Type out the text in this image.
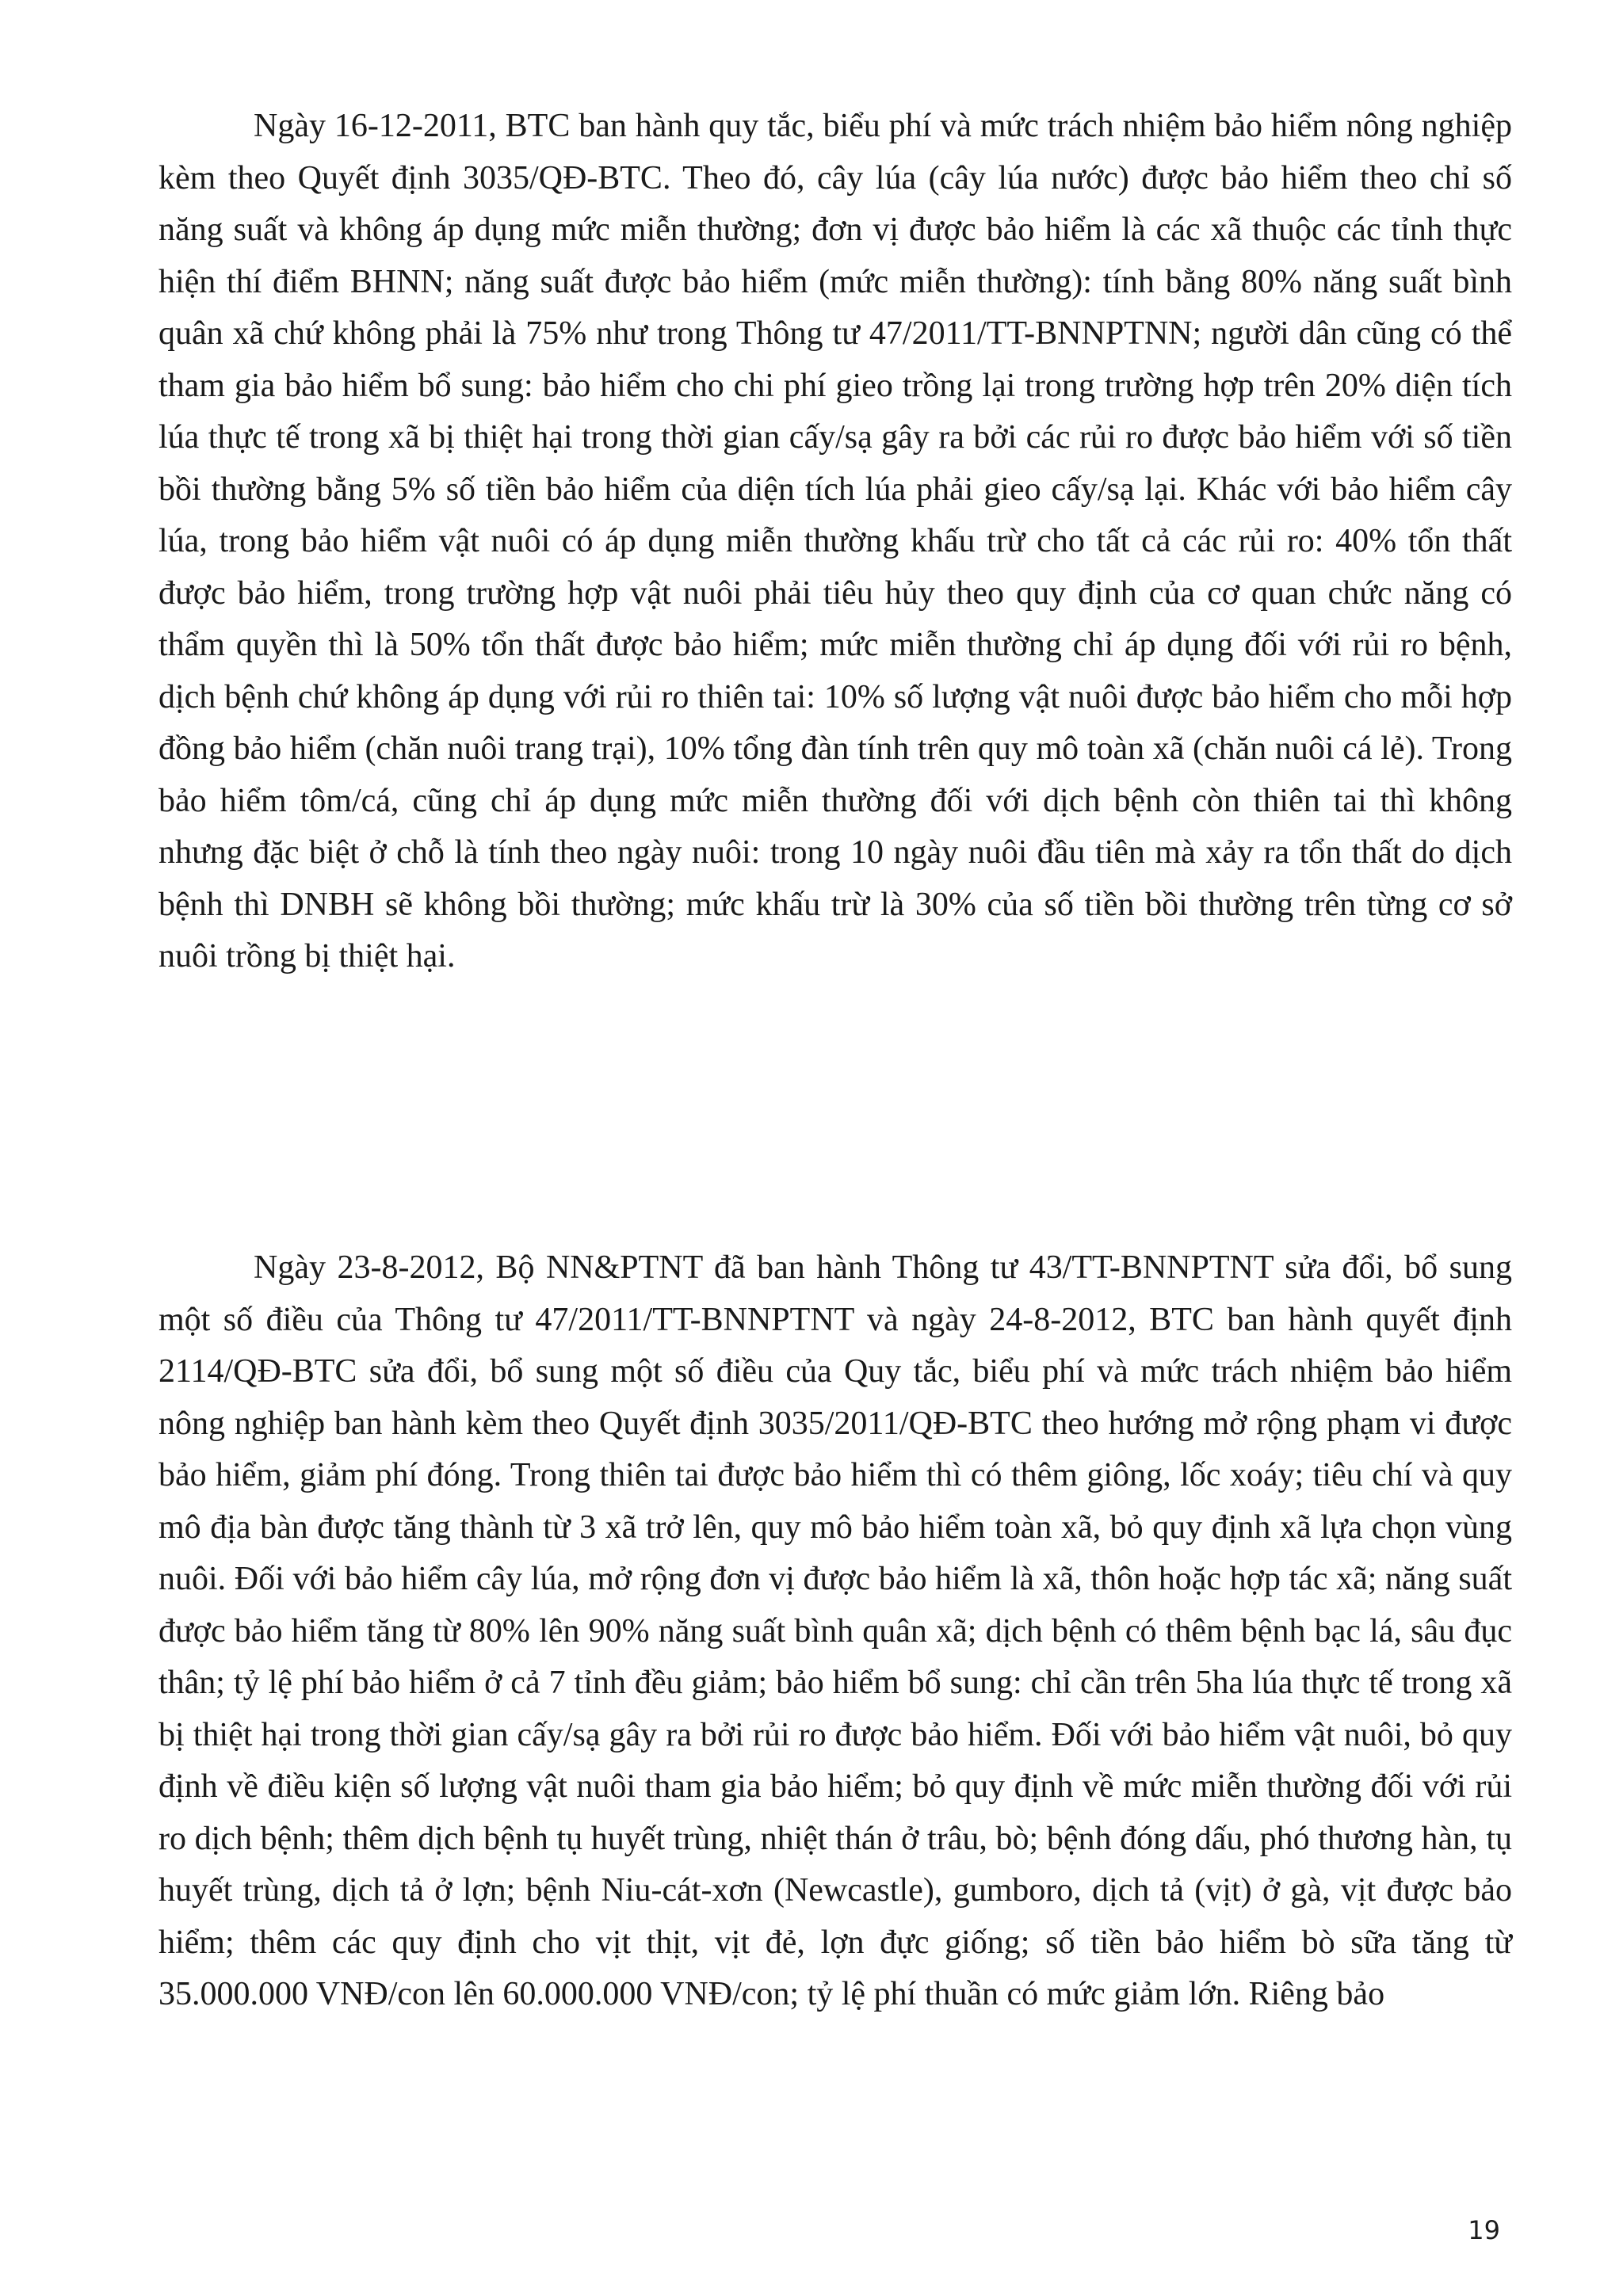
Ngày 16-12-2011, BTC ban hành quy tắc, biểu phí và mức trách nhiệm bảo hiểm nông nghiệp kèm theo Quyết định 3035/QĐ-BTC. Theo đó, cây lúa (cây lúa nước) được bảo hiểm theo chỉ số năng suất và không áp dụng mức miễn thường; đơn vị được bảo hiểm là các xã thuộc các tỉnh thực hiện thí điểm BHNN; năng suất được bảo hiểm (mức miễn thường): tính bằng 80% năng suất bình quân xã chứ không phải là 75% như trong Thông tư 47/2011/TT-BNNPTNN; người dân cũng có thể tham gia bảo hiểm bổ sung: bảo hiểm cho chi phí gieo trồng lại trong trường hợp trên 20% diện tích lúa thực tế trong xã bị thiệt hại trong thời gian cấy/sạ gây ra bởi các rủi ro được bảo hiểm với số tiền bồi thường bằng 5% số tiền bảo hiểm của diện tích lúa phải gieo cấy/sạ lại. Khác với bảo hiểm cây lúa, trong bảo hiểm vật nuôi có áp dụng miễn thường khấu trừ cho tất cả các rủi ro: 40% tổn thất được bảo hiểm, trong trường hợp vật nuôi phải tiêu hủy theo quy định của cơ quan chức năng có thẩm quyền thì là 50% tổn thất được bảo hiểm; mức miễn thường chỉ áp dụng đối với rủi ro bệnh, dịch bệnh chứ không áp dụng với rủi ro thiên tai: 10% số lượng vật nuôi được bảo hiểm cho mỗi hợp đồng bảo hiểm (chăn nuôi trang trại), 10% tổng đàn tính trên quy mô toàn xã (chăn nuôi cá lẻ). Trong bảo hiểm tôm/cá, cũng chỉ áp dụng mức miễn thường đối với dịch bệnh còn thiên tai thì không nhưng đặc biệt ở chỗ là tính theo ngày nuôi: trong 10 ngày nuôi đầu tiên mà xảy ra tổn thất do dịch bệnh thì DNBH sẽ không bồi thường; mức khấu trừ là 30% của số tiền bồi thường trên từng cơ sở nuôi trồng bị thiệt hại.

Ngày 23-8-2012, Bộ NN&PTNT đã ban hành Thông tư 43/TT-BNNPTNT sửa đổi, bổ sung một số điều của Thông tư 47/2011/TT-BNNPTNT và ngày 24-8-2012, BTC ban hành quyết định 2114/QĐ-BTC sửa đổi, bổ sung một số điều của Quy tắc, biểu phí và mức trách nhiệm bảo hiểm nông nghiệp ban hành kèm theo Quyết định 3035/2011/QĐ-BTC theo hướng mở rộng phạm vi được bảo hiểm, giảm phí đóng. Trong thiên tai được bảo hiểm thì có thêm giông, lốc xoáy; tiêu chí và quy mô địa bàn được tăng thành từ 3 xã trở lên, quy mô bảo hiểm toàn xã, bỏ quy định xã lựa chọn vùng nuôi. Đối với bảo hiểm cây lúa, mở rộng đơn vị được bảo hiểm là xã, thôn hoặc hợp tác xã; năng suất được bảo hiểm tăng từ 80% lên 90% năng suất bình quân xã; dịch bệnh có thêm bệnh bạc lá, sâu đục thân; tỷ lệ phí bảo hiểm ở cả 7 tỉnh đều giảm; bảo hiểm bổ sung: chỉ cần trên 5ha lúa thực tế trong xã bị thiệt hại trong thời gian cấy/sạ gây ra bởi rủi ro được bảo hiểm. Đối với bảo hiểm vật nuôi, bỏ quy định về điều kiện số lượng vật nuôi tham gia bảo hiểm; bỏ quy định về mức miễn thường đối với rủi ro dịch bệnh; thêm dịch bệnh tụ huyết trùng, nhiệt thán ở trâu, bò; bệnh đóng dấu, phó thương hàn, tụ huyết trùng, dịch tả ở lợn; bệnh Niu-cát-xơn (Newcastle), gumboro, dịch tả (vịt) ở gà, vịt được bảo hiểm; thêm các quy định cho vịt thịt, vịt đẻ, lợn đực giống; số tiền bảo hiểm bò sữa tăng từ 35.000.000 VNĐ/con lên 60.000.000 VNĐ/con; tỷ lệ phí thuần có mức giảm lớn. Riêng bảo

19
